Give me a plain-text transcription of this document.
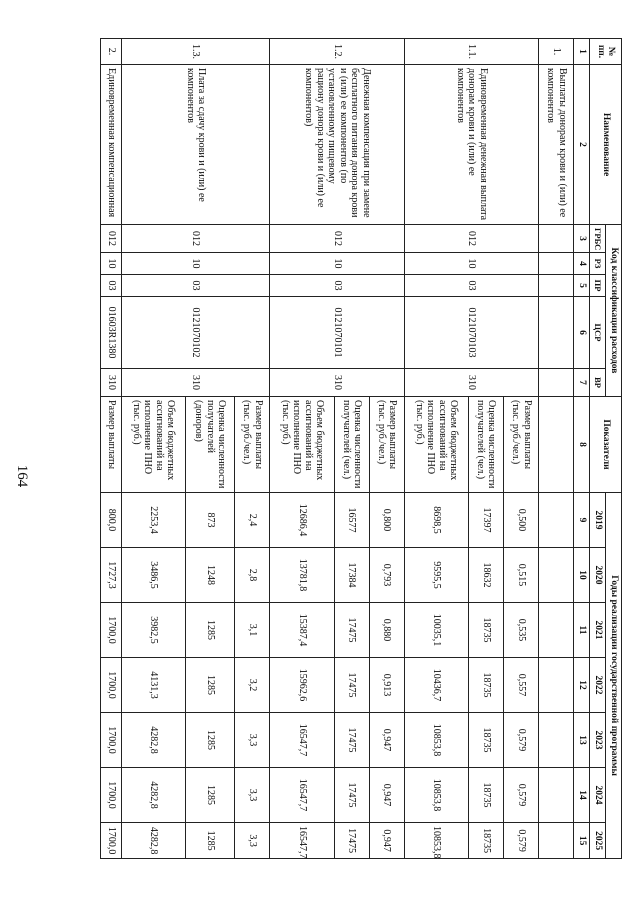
164
№ пп.	Наименование	Код классификации расходов					Показатели	Годы реализации государственной программы						
		ГРБС	РЗ	ПР	ЦСР	ВР		2019	2020	2021	2022	2023	2024	2025
1	2	3	4	5	6	7	8	9	10	11	12	13	14	15
1.	Выплаты донорам крови и (или) ее компонентов													
1.1.	Единовременная денежная выплата донорам крови и (или) ее компонентов	012	10	03	0121070103	310	Размер выплаты (тыс. руб./чел.)	0,500	0,515	0,535	0,557	0,579	0,579	0,579
							Оценка численности получателей (чел.)	17397	18632	18735	18735	18735	18735	18735
							Объем бюджетных ассигнований на исполнение ПНО (тыс. руб.)	8698,5	9595,5	10035,1	10436,7	10853,8	10853,8	10853,8
1.2.	Денежная компенсация при замене бесплатного питания донора крови и (или) ее компонентов (по установленному пищевому рациону донора крови и (или) ее компонентов)	012	10	03	0121070101	310	Размер выплаты (тыс. руб./чел.)	0,800	0,793	0,880	0,913	0,947	0,947	0,947
							Оценка численности получателей (чел.)	16577	17384	17475	17475	17475	17475	17475
							Объем бюджетных ассигнований на исполнение ПНО (тыс. руб.)	12686,4	13781,8	15387,4	15962,6	16547,7	16547,7	16547,7
1.3.	Плата за сдачу крови и (или) ее компонентов	012	10	03	0121070102	310	Размер выплаты (тыс. руб./чел.)	2,4	2,8	3,1	3,2	3,3	3,3	3,3
							Оценка численности получателей (доноров)	873	1248	1285	1285	1285	1285	1285
							Объем бюджетных ассигнований на исполнение ПНО (тыс. руб.)	2253,4	3486,5	3982,5	4131,3	4282,8	4282,8	4282,8
2.	Единовременная компенсационная	012	10	03	01603R1380	310	Размер выплаты	800,0	1727,3	1700,0	1700,0	1700,0	1700,0	1700,0
